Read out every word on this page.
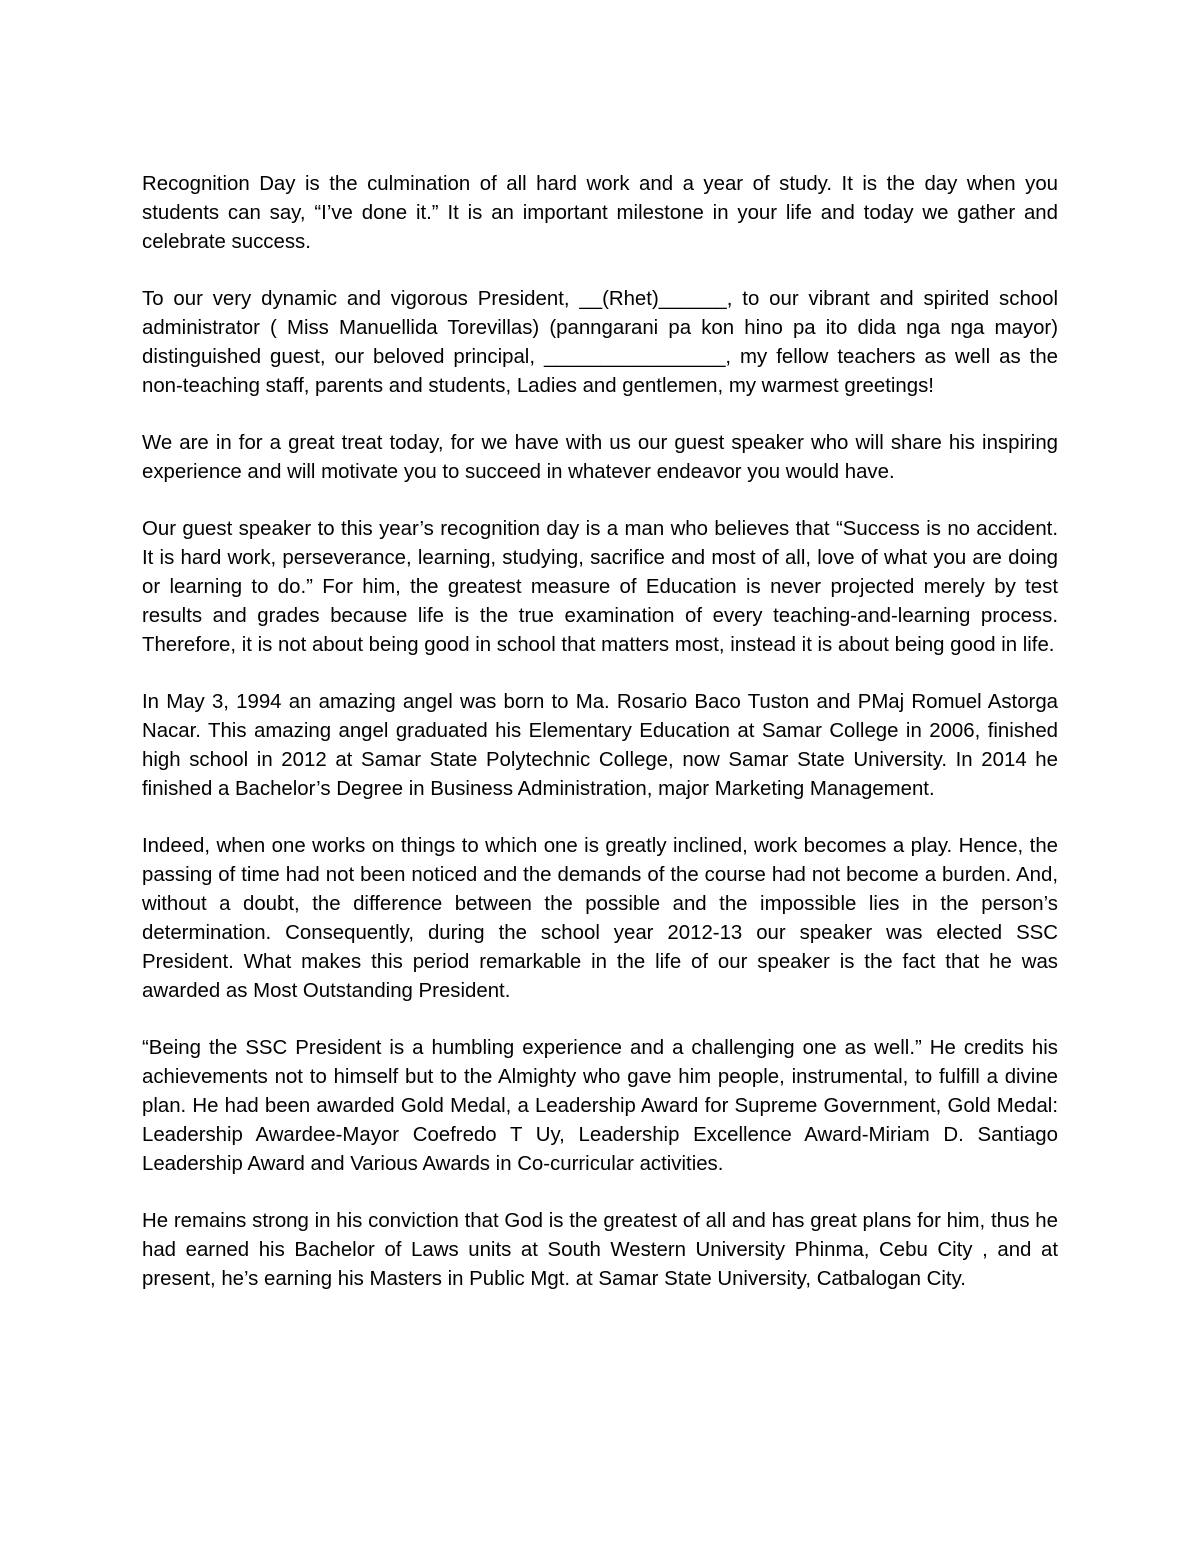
Recognition Day is the culmination of all hard work and a year of study. It is the day when you students can say, “I’ve done it.” It is an important milestone in your life and today we gather and celebrate success.

To our very dynamic and vigorous President, __(Rhet)______, to our vibrant and spirited school administrator ( Miss Manuellida Torevillas) (panngarani pa kon hino pa ito dida nga nga mayor) distinguished guest, our beloved principal, ________________, my fellow teachers as well as the non-teaching staff, parents and students, Ladies and gentlemen, my warmest greetings!

We are in for a great treat today, for we have with us our guest speaker who will share his inspiring experience and will motivate you to succeed in whatever endeavor you would have.

Our guest speaker to this year’s recognition day is a man who believes that “Success is no accident. It is hard work, perseverance, learning, studying, sacrifice and most of all, love of what you are doing or learning to do.” For him, the greatest measure of Education is never projected merely by test results and grades because life is the true examination of every teaching-and-learning process. Therefore, it is not about being good in school that matters most, instead it is about being good in life.

In May 3, 1994 an amazing angel was born to Ma. Rosario Baco Tuston and PMaj Romuel Astorga Nacar. This amazing angel graduated his Elementary Education at Samar College in 2006, finished high school in 2012 at Samar State Polytechnic College, now Samar State University. In 2014 he finished a Bachelor’s Degree in Business Administration, major Marketing Management.

Indeed, when one works on things to which one is greatly inclined, work becomes a play. Hence, the passing of time had not been noticed and the demands of the course had not become a burden. And, without a doubt, the difference between the possible and the impossible lies in the person’s determination. Consequently, during the school year 2012-13 our speaker was elected SSC President. What makes this period remarkable in the life of our speaker is the fact that he was awarded as Most Outstanding President.

“Being the SSC President is a humbling experience and a challenging one as well.” He credits his achievements not to himself but to the Almighty who gave him people, instrumental, to fulfill a divine plan. He had been awarded Gold Medal, a Leadership Award for Supreme Government, Gold Medal: Leadership Awardee-Mayor Coefredo T Uy, Leadership Excellence Award-Miriam D. Santiago Leadership Award and Various Awards in Co-curricular activities.

He remains strong in his conviction that God is the greatest of all and has great plans for him, thus he had earned his Bachelor of Laws units at South Western University Phinma, Cebu City , and at present, he’s earning his Masters in Public Mgt. at Samar State University, Catbalogan City.
